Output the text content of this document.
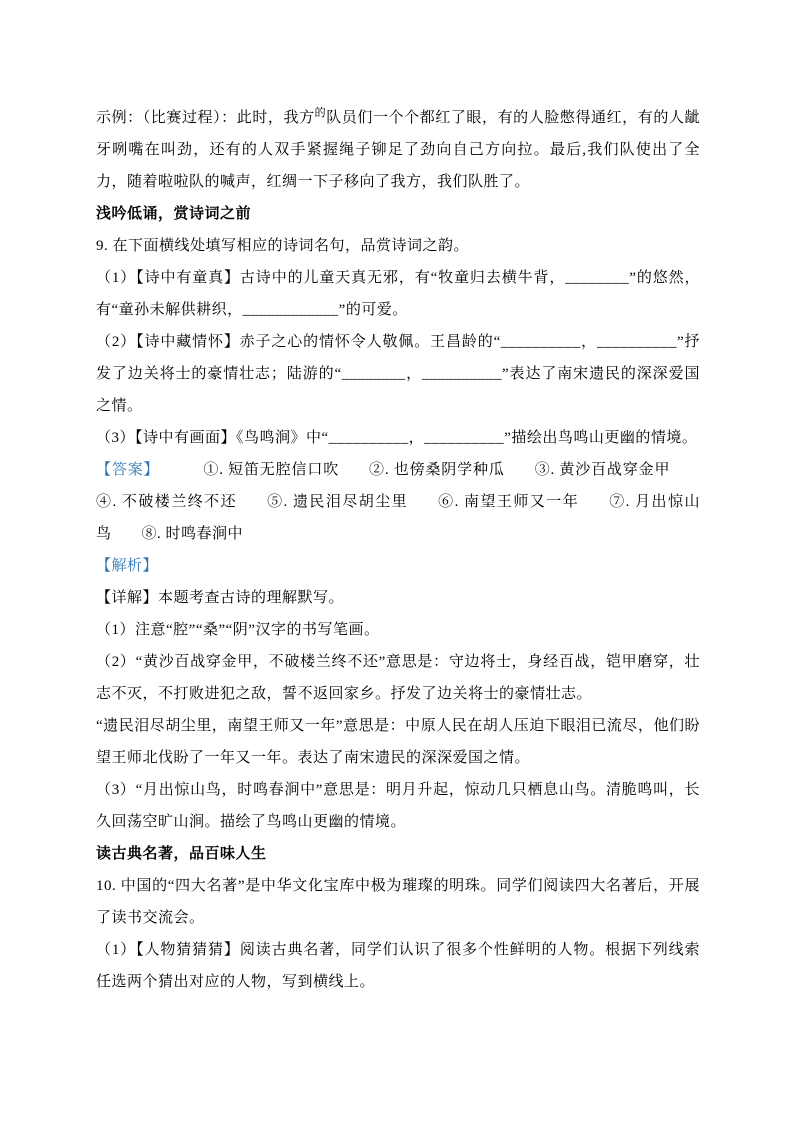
示例：（比赛过程）：此时，我方$^的$队员们一个个都红了眼，有的人脸憋得通红，有的人龇牙咧嘴在叫劲，还有的人双手紧握绳子铆足了劲向自己方向拉。最后,我们队使出了全力，随着啦啦队的喊声，红绸一下子移向了我方，我们队胜了。

浅吟低诵，赏诗词之前

9. 在下面横线处填写相应的诗词名句，品赏诗词之韵。

（1）【诗中有童真】古诗中的儿童天真无邪，有“牧童归去横牛背，________”的悠然，有“童孙未解供耕织，____________”的可爱。

（2）【诗中藏情怀】赤子之心的情怀令人敬佩。王昌龄的“__________，__________”抒发了边关将士的豪情壮志；陆游的“________，__________”表达了南宋遗民的深深爱国之情。

（3）【诗中有画面】《鸟鸣涧》中“__________，__________”描绘出鸟鸣山更幽的情境。

【答案】	①. 短笛无腔信口吹 ②. 也傍桑阴学种瓜 ③. 黄沙百战穿金甲④. 不破楼兰终不还 ⑤. 遗民泪尽胡尘里 ⑥. 南望王师又一年 ⑦. 月出惊山鸟 ⑧. 时鸣春涧中

【解析】

【详解】本题考查古诗的理解默写。

（1）注意“腔”“桑”“阴”汉字的书写笔画。

（2）“黄沙百战穿金甲，不破楼兰终不还”意思是：守边将士，身经百战，铠甲磨穿，壮志不灭，不打败进犯之敌，誓不返回家乡。抒发了边关将士的豪情壮志。

“遗民泪尽胡尘里，南望王师又一年”意思是：中原人民在胡人压迫下眼泪已流尽，他们盼望王师北伐盼了一年又一年。表达了南宋遗民的深深爱国之情。

（3）“月出惊山鸟，时鸣春涧中”意思是：明月升起，惊动几只栖息山鸟。清脆鸣叫，长久回荡空旷山涧。描绘了鸟鸣山更幽的情境。

读古典名著，品百味人生

10. 中国的“四大名著”是中华文化宝库中极为璀璨的明珠。同学们阅读四大名著后，开展了读书交流会。

（1）【人物猜猜猜】阅读古典名著，同学们认识了很多个性鲜明的人物。根据下列线索任选两个猜出对应的人物，写到横线上。
